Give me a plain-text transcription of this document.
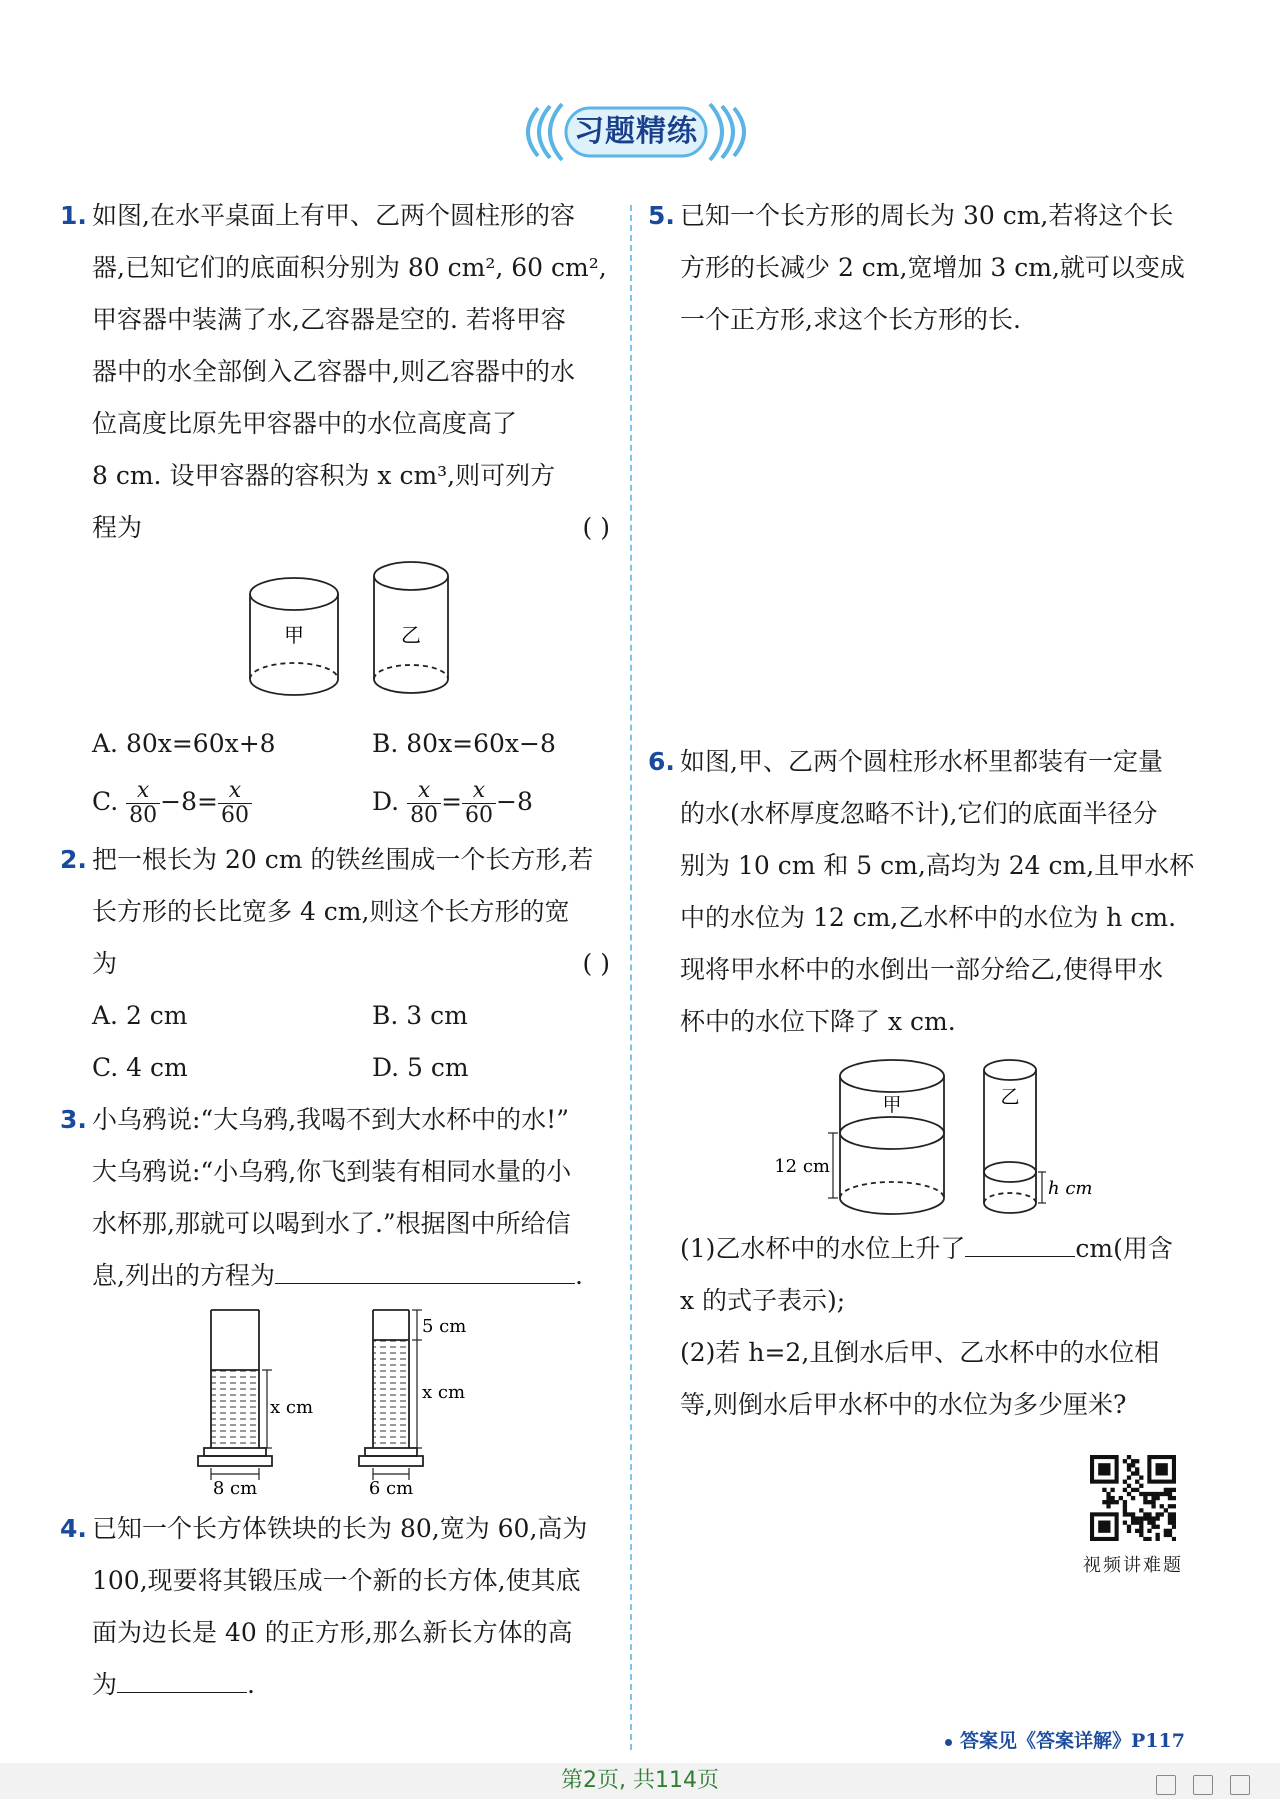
习题精练
1. 如图,在水平桌面上有甲、乙两个圆柱形的容

器,已知它们的底面积分别为 80 cm², 60 cm²,

甲容器中装满了水,乙容器是空的. 若将甲容

器中的水全部倒入乙容器中,则乙容器中的水

位高度比原先甲容器中的水位高度高了

8 cm. 设甲容器的容积为 x cm³,则可列方

程为	( )

甲	乙
A. 80x=60x+8	B. 80x=60x−8
C. $\frac{x}{80} -8= \frac{x}{60}$	D. $\frac{x}{80} = \frac{x}{60} -8$
2. 把一根长为 20 cm 的铁丝围成一个长方形,若

长方形的长比宽多 4 cm,则这个长方形的宽

为	( )

A. 2 cm	B. 3 cm
C. 4 cm	D. 5 cm
3. 小乌鸦说:“大乌鸦,我喝不到大水杯中的水!”

大乌鸦说:“小乌鸦,你飞到装有相同水量的小

水杯那,那就可以喝到水了.”根据图中所给信

息,列出的方程为	.

x cm
8 cm
5 cm
x cm
6 cm
4. 已知一个长方体铁块的长为 80,宽为 60,高为

100,现要将其锻压成一个新的长方体,使其底

面为边长是 40 的正方形,那么新长方体的高

为	.

5. 已知一个长方形的周长为 30 cm,若将这个长

方形的长减少 2 cm,宽增加 3 cm,就可以变成

一个正方形,求这个长方形的长.

6. 如图,甲、乙两个圆柱形水杯里都装有一定量

的水(水杯厚度忽略不计),它们的底面半径分

别为 10 cm 和 5 cm,高均为 24 cm,且甲水杯

中的水位为 12 cm,乙水杯中的水位为 h cm.

现将甲水杯中的水倒出一部分给乙,使得甲水

杯中的水位下降了 x cm.

甲	乙
12 cm
h cm

(1)乙水杯中的水位上升了	cm(用含

x 的式子表示);

(2)若 h=2,且倒水后甲、乙水杯中的水位相

等,则倒水后甲水杯中的水位为多少厘米?

视频讲难题
答案见《答案详解》P117
第2页, 共114页
